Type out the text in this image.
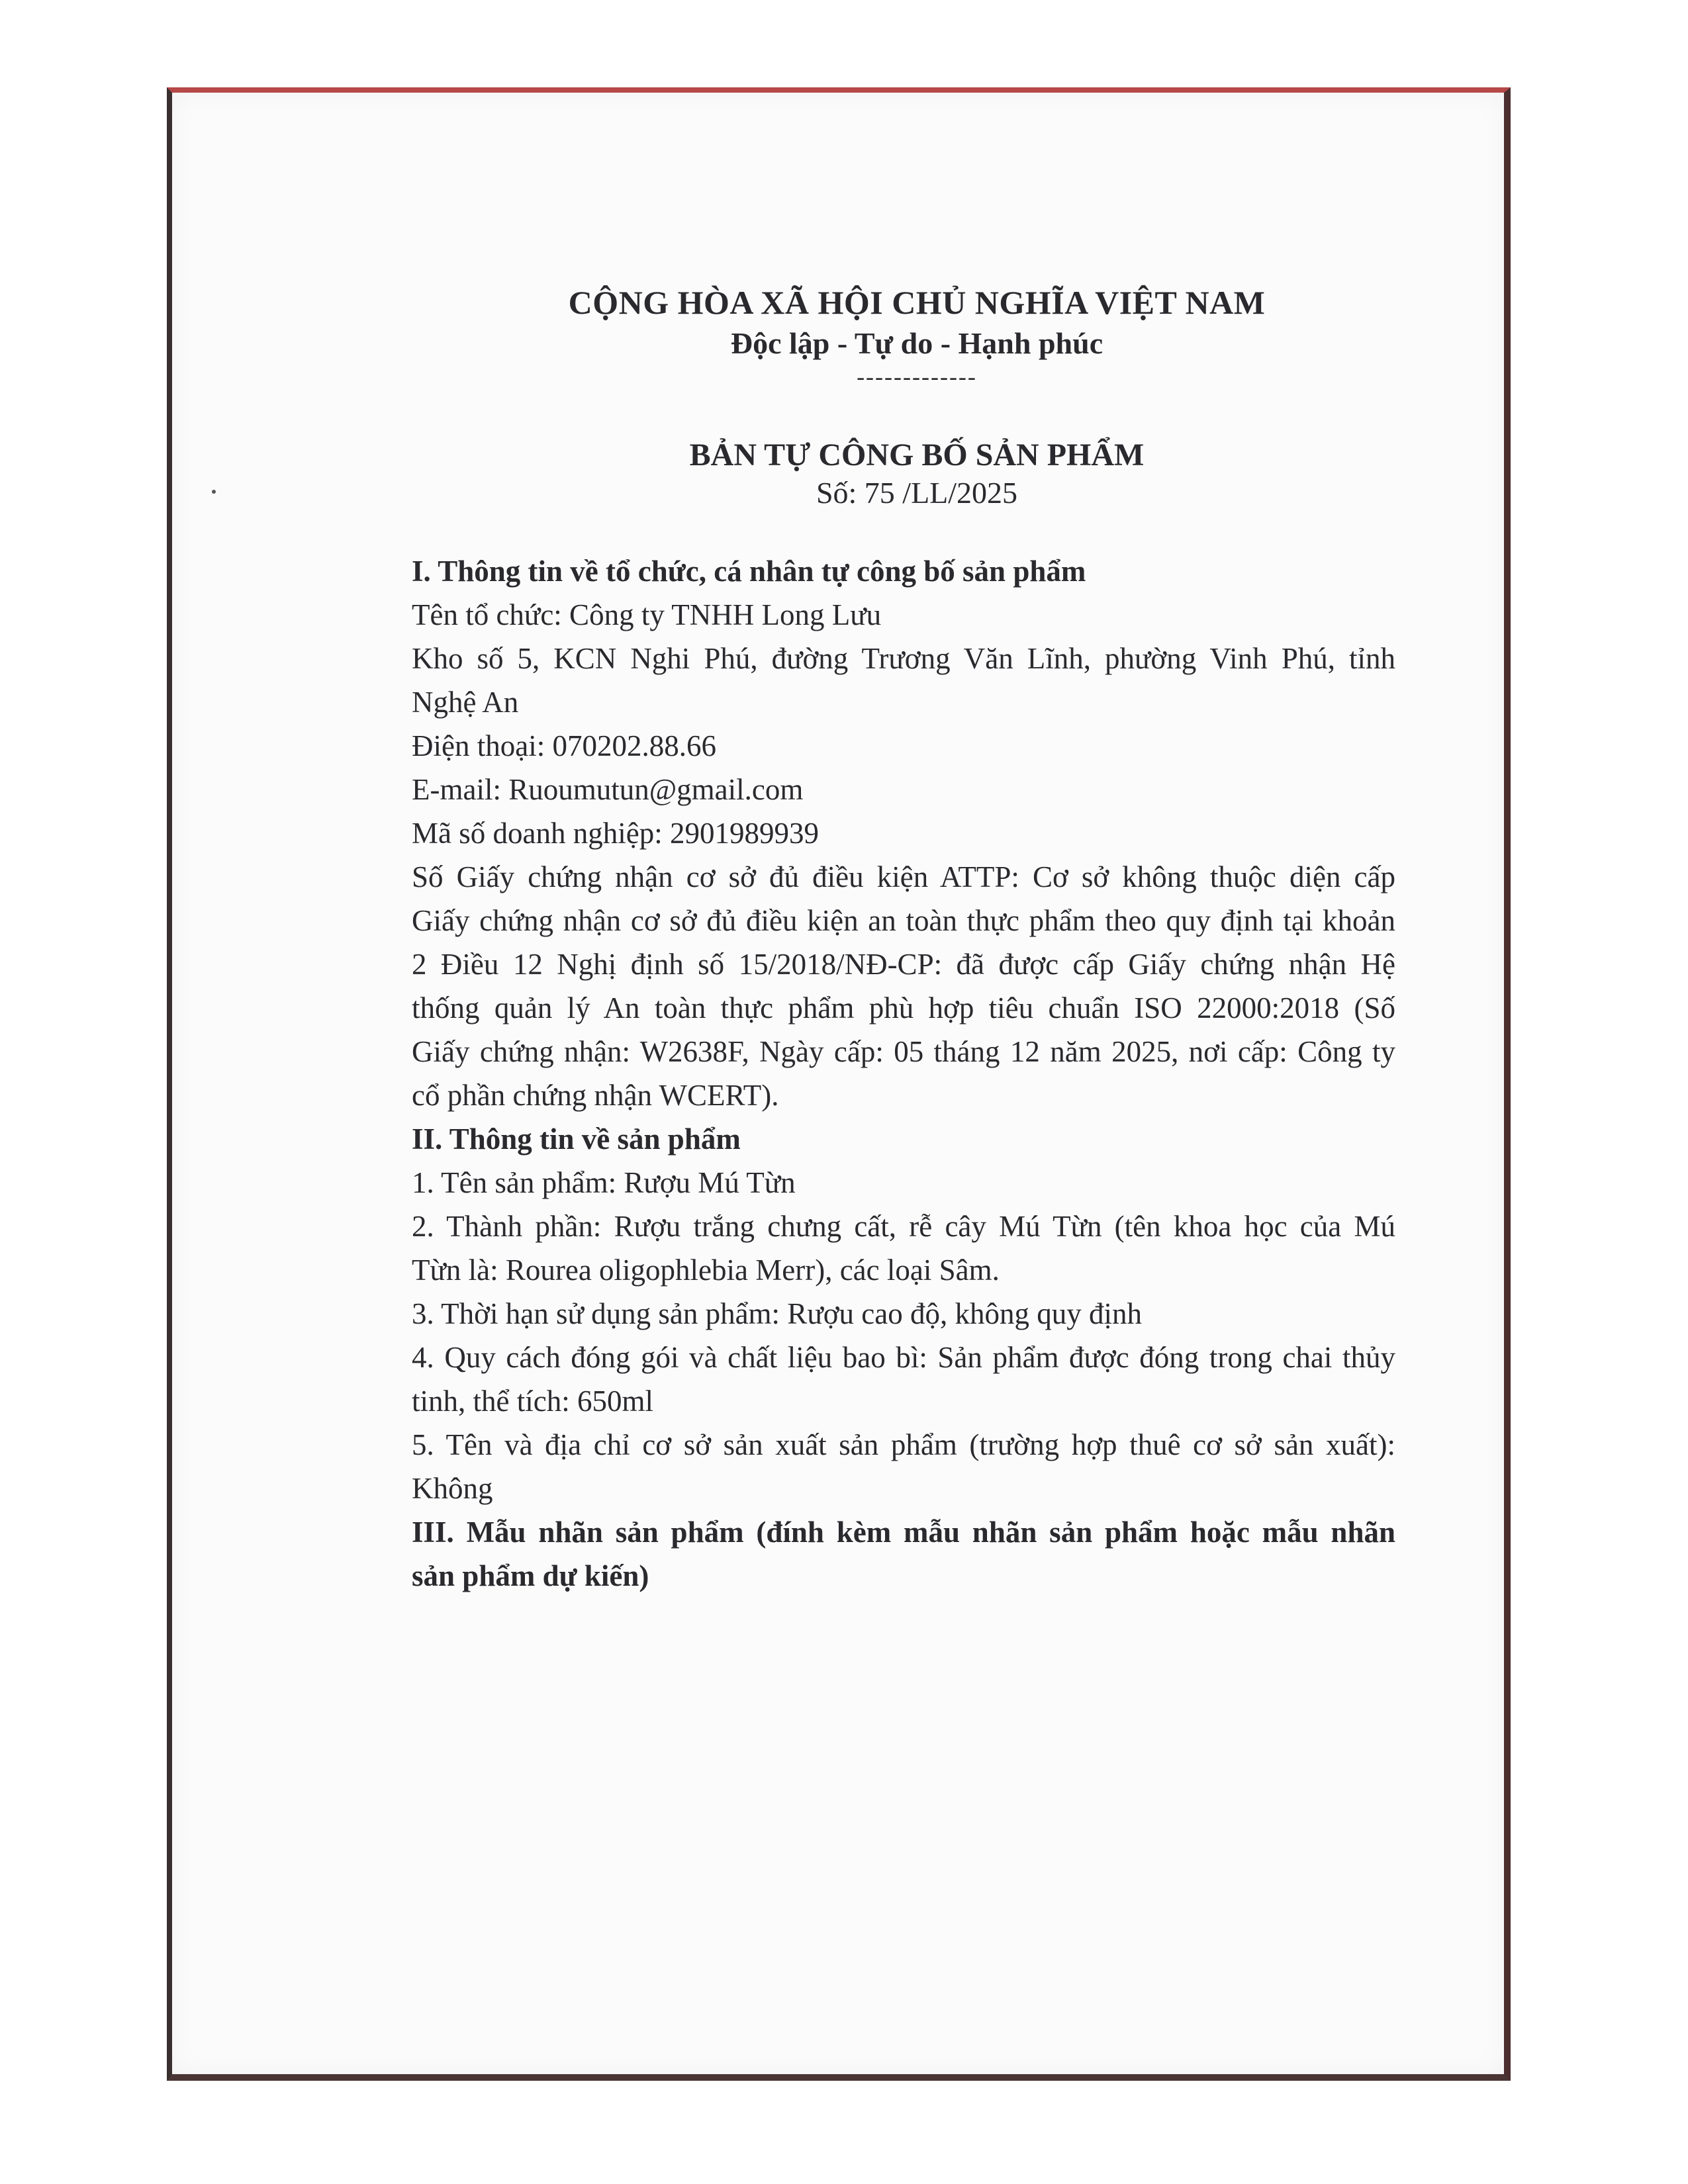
CỘNG HÒA XÃ HỘI CHỦ NGHĨA VIỆT NAM
Độc lập - Tự do - Hạnh phúc
-------------
BẢN TỰ CÔNG BỐ SẢN PHẨM
Số: 75 /LL/2025
I. Thông tin về tổ chức, cá nhân tự công bố sản phẩm
Tên tổ chức: Công ty TNHH Long Lưu
Kho số 5, KCN Nghi Phú, đường Trương Văn Lĩnh, phường Vinh Phú, tỉnh
Nghệ An
Điện thoại: 070202.88.66
E-mail: Ruoumutun@gmail.com
Mã số doanh nghiệp: 2901989939
Số Giấy chứng nhận cơ sở đủ điều kiện ATTP: Cơ sở không thuộc diện cấp
Giấy chứng nhận cơ sở đủ điều kiện an toàn thực phẩm theo quy định tại khoản
2 Điều 12 Nghị định số 15/2018/NĐ-CP: đã được cấp Giấy chứng nhận Hệ
thống quản lý An toàn thực phẩm phù hợp tiêu chuẩn ISO 22000:2018 (Số
Giấy chứng nhận: W2638F, Ngày cấp: 05 tháng 12 năm 2025, nơi cấp: Công ty
cổ phần chứng nhận WCERT).
II. Thông tin về sản phẩm
1. Tên sản phẩm: Rượu Mú Từn
2. Thành phần: Rượu trắng chưng cất, rễ cây Mú Từn (tên khoa học của Mú
Từn là: Rourea oligophlebia Merr), các loại Sâm.
3. Thời hạn sử dụng sản phẩm: Rượu cao độ, không quy định
4. Quy cách đóng gói và chất liệu bao bì: Sản phẩm được đóng trong chai thủy
tinh, thể tích: 650ml
5. Tên và địa chỉ cơ sở sản xuất sản phẩm (trường hợp thuê cơ sở sản xuất):
Không
III. Mẫu nhãn sản phẩm (đính kèm mẫu nhãn sản phẩm hoặc mẫu nhãn
sản phẩm dự kiến)
